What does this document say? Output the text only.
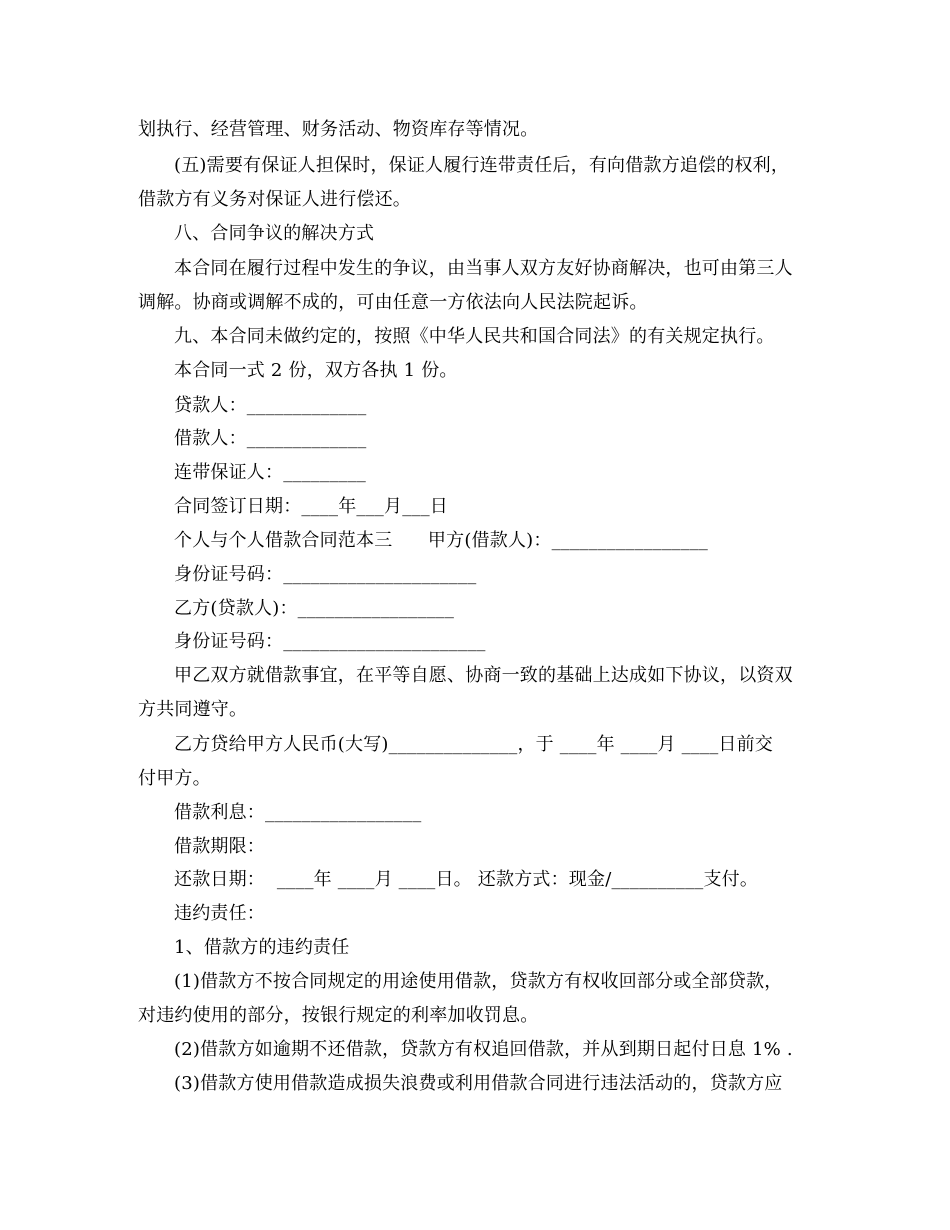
划执行、经营管理、财务活动、物资库存等情况。
(五)需要有保证人担保时，保证人履行连带责任后，有向借款方追偿的权利，
借款方有义务对保证人进行偿还。
八、合同争议的解决方式
本合同在履行过程中发生的争议，由当事人双方友好协商解决，也可由第三人
调解。协商或调解不成的，可由任意一方依法向人民法院起诉。
九、本合同未做约定的，按照《中华人民共和国合同法》的有关规定执行。
本合同一式 2 份，双方各执 1 份。
贷款人：_____________
借款人：_____________
连带保证人：_________
合同签订日期：____年___月___日
个人与个人借款合同范本三      甲方(借款人)：_________________
身份证号码：_____________________
乙方(贷款人)：_________________
身份证号码：______________________
甲乙双方就借款事宜，在平等自愿、协商一致的基础上达成如下协议，以资双
方共同遵守。
乙方贷给甲方人民币(大写)______________，于 ____年 ____月 ____日前交
付甲方。
借款利息：_________________
借款期限：
还款日期：  ____年 ____月 ____日。 还款方式：现金/__________支付。
违约责任：
1、借款方的违约责任
(1)借款方不按合同规定的用途使用借款，贷款方有权收回部分或全部贷款，
对违约使用的部分，按银行规定的利率加收罚息。
(2)借款方如逾期不还借款，贷款方有权追回借款，并从到期日起付日息 1% .
(3)借款方使用借款造成损失浪费或利用借款合同进行违法活动的，贷款方应
